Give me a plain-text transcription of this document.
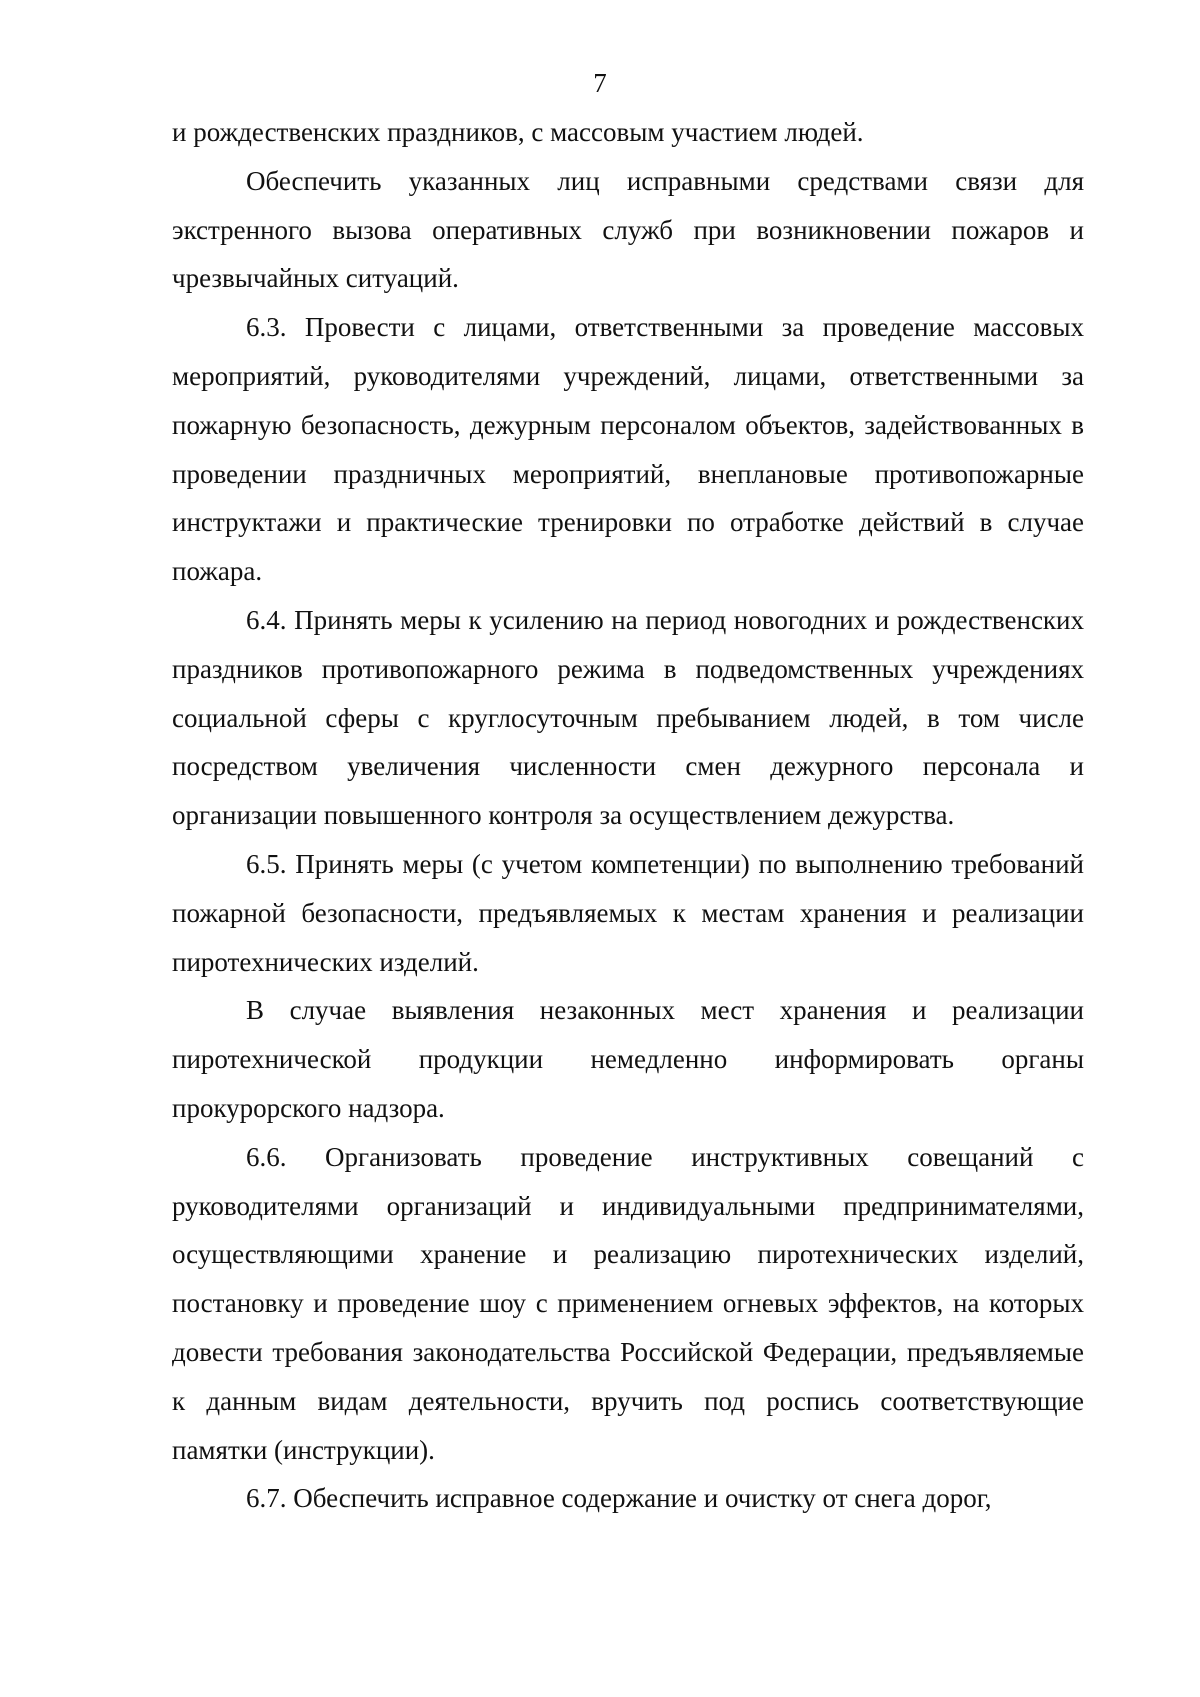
7

и рождественских праздников, с массовым участием людей.

Обеспечить указанных лиц исправными средствами связи для экстренного вызова оперативных служб при возникновении пожаров и чрезвычайных ситуаций.

6.3. Провести с лицами, ответственными за проведение массовых мероприятий, руководителями учреждений, лицами, ответственными за пожарную безопасность, дежурным персоналом объектов, задействованных в проведении праздничных мероприятий, внеплановые противопожарные инструктажи и практические тренировки по отработке действий в случае пожара.

6.4. Принять меры к усилению на период новогодних и рождественских праздников противопожарного режима в подведомственных учреждениях социальной сферы с круглосуточным пребыванием людей, в том числе посредством увеличения численности смен дежурного персонала и организации повышенного контроля за осуществлением дежурства.

6.5. Принять меры (с учетом компетенции) по выполнению требований пожарной безопасности, предъявляемых к местам хранения и реализации пиротехнических изделий.

В случае выявления незаконных мест хранения и реализации пиротехнической продукции немедленно информировать органы прокурорского надзора.

6.6. Организовать проведение инструктивных совещаний с руководителями организаций и индивидуальными предпринимателями, осуществляющими хранение и реализацию пиротехнических изделий, постановку и проведение шоу с применением огневых эффектов, на которых довести требования законодательства Российской Федерации, предъявляемые к данным видам деятельности, вручить под роспись соответствующие памятки (инструкции).

6.7. Обеспечить исправное содержание и очистку от снега дорог,
